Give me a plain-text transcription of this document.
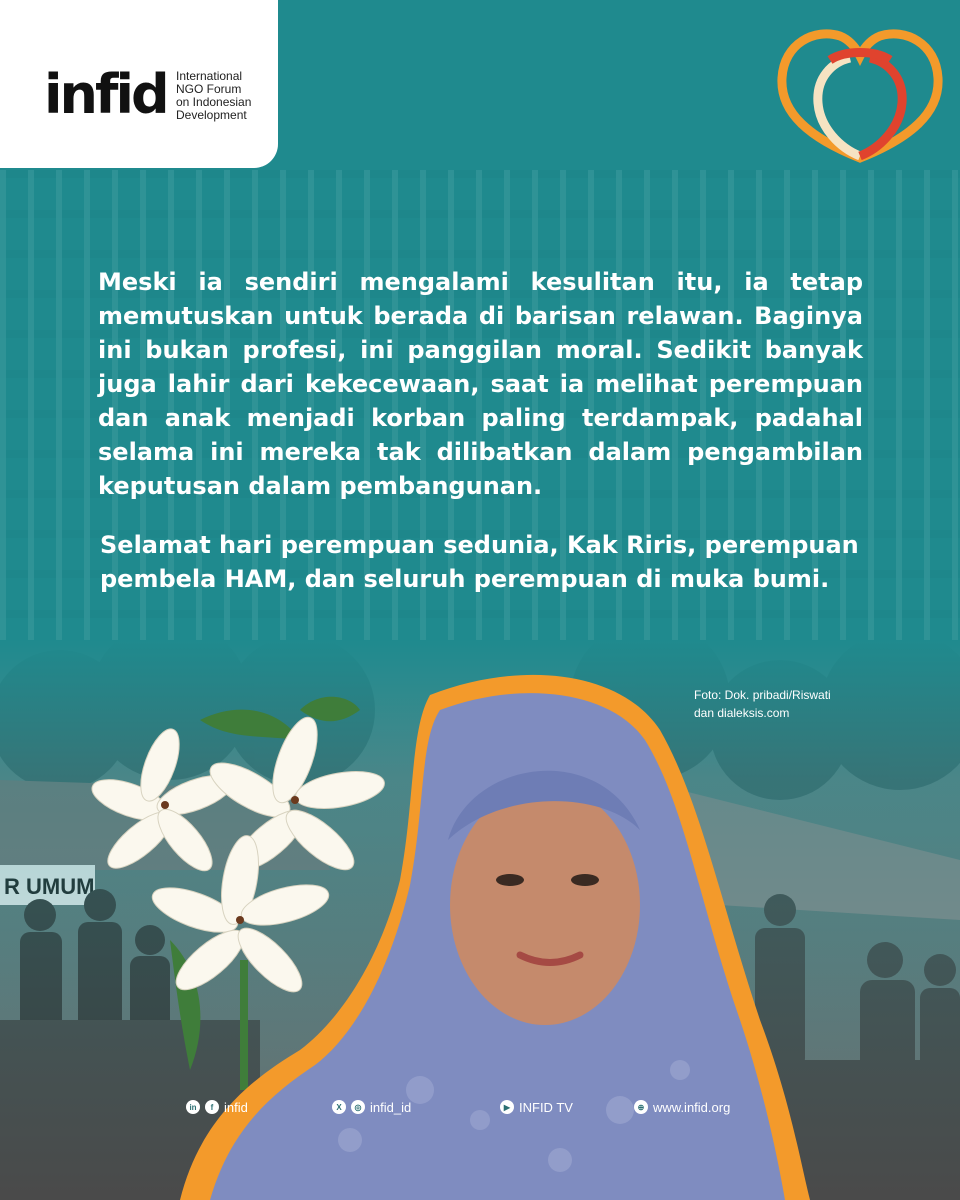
infid International
NGO Forum
on Indonesian
Development

Meski ia sendiri mengalami kesulitan itu, ia tetap memutuskan untuk berada di barisan relawan. Baginya ini bukan profesi, ini panggilan moral. Sedikit banyak juga lahir dari kekecewaan, saat ia melihat perempuan dan anak menjadi korban paling terdampak, padahal selama ini mereka tak dilibatkan dalam pengambilan keputusan dalam pembangunan.

Selamat hari perempuan sedunia, Kak Riris, perempuan pembela HAM, dan seluruh perempuan di muka bumi.

Foto: Dok. pribadi/Riswati
dan dialeksis.com
in	f infid	X	◎ infid_id	▶ INFID TV	⊕ www.infid.org
